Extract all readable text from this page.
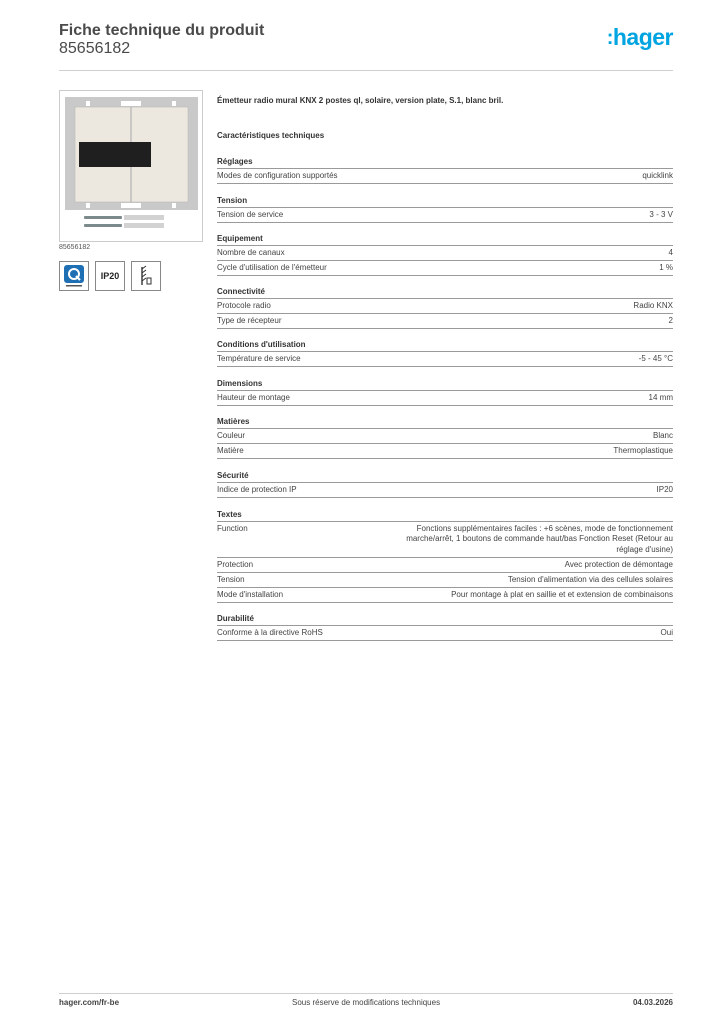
Fiche technique du produit
85656182	:hager
85656182
IP20
Émetteur radio mural KNX 2 postes ql, solaire, version plate, S.1, blanc bril.
Caractéristiques techniques
Réglages
Modes de configuration supportés	quicklink
Tension
Tension de service	3 - 3 V
Equipement
Nombre de canaux	4
Cycle d'utilisation de l'émetteur	1 %
Connectivité
Protocole radio	Radio KNX
Type de récepteur	2
Conditions d'utilisation
Température de service	-5 - 45 °C
Dimensions
Hauteur de montage	14 mm
Matières
Couleur	Blanc
Matière	Thermoplastique
Sécurité
Indice de protection IP	IP20
Textes
Function	Fonctions supplémentaires faciles : +6 scènes, mode de fonctionnement marche/arrêt, 1 boutons de commande haut/bas Fonction Reset (Retour au réglage d'usine)
Protection	Avec protection de démontage
Tension	Tension d'alimentation via des cellules solaires
Mode d'installation	Pour montage à plat en saillie et et extension de combinaisons
Durabilité
Conforme à la directive RoHS	Oui
hager.com/fr-be	Sous réserve de modifications techniques	04.03.2026
